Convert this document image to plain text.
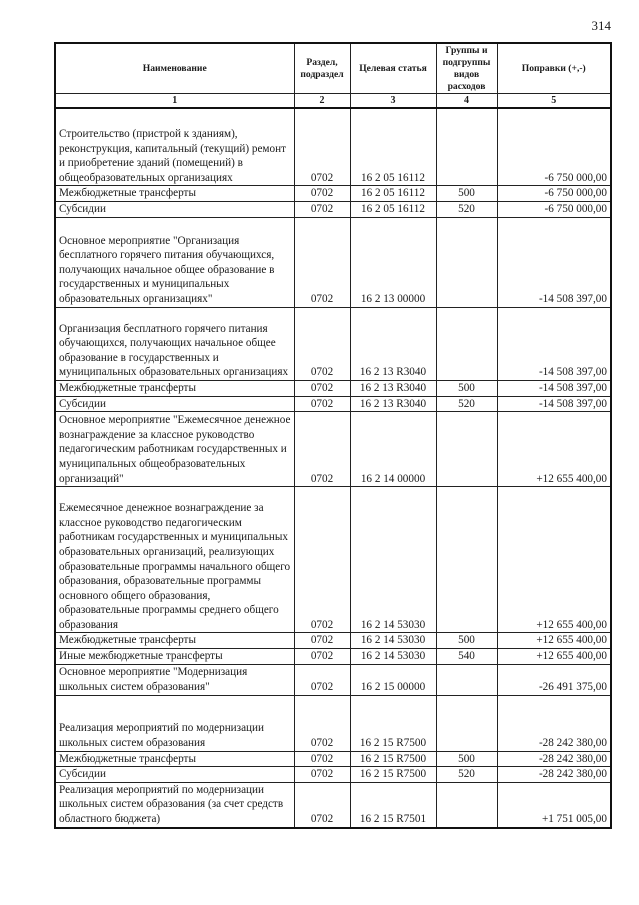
314
Наименование	Раздел, подраздел	Целевая статья	Группы и подгруппы видов расходов	Поправки (+,-)
1	2	3	4	5
Строительство (пристрой к зданиям), реконструкция, капитальный (текущий) ремонт и приобретение зданий (помещений) в общеобразовательных организациях	0702	16 2 05 16112		-6 750 000,00
Межбюджетные трансферты	0702	16 2 05 16112	500	-6 750 000,00
Субсидии	0702	16 2 05 16112	520	-6 750 000,00
Основное мероприятие "Организация бесплатного горячего питания обучающихся, получающих начальное общее образование в государственных и муниципальных образовательных организациях"	0702	16 2 13 00000		-14 508 397,00
Организация бесплатного горячего питания обучающихся, получающих начальное общее образование в государственных и муниципальных образовательных организациях	0702	16 2 13 R3040		-14 508 397,00
Межбюджетные трансферты	0702	16 2 13 R3040	500	-14 508 397,00
Субсидии	0702	16 2 13 R3040	520	-14 508 397,00
Основное мероприятие "Ежемесячное денежное вознаграждение за классное руководство педагогическим работникам государственных и муниципальных общеобразовательных организаций"	0702	16 2 14 00000		+12 655 400,00
Ежемесячное денежное вознаграждение за классное руководство педагогическим работникам государственных и муниципальных образовательных организаций, реализующих образовательные программы начального общего образования, образовательные программы основного общего образования, образовательные программы среднего общего образования	0702	16 2 14 53030		+12 655 400,00
Межбюджетные трансферты	0702	16 2 14 53030	500	+12 655 400,00
Иные межбюджетные трансферты	0702	16 2 14 53030	540	+12 655 400,00
Основное мероприятие "Модернизация школьных систем образования"	0702	16 2 15 00000		-26 491 375,00
Реализация мероприятий по модернизации школьных систем образования	0702	16 2 15 R7500		-28 242 380,00
Межбюджетные трансферты	0702	16 2 15 R7500	500	-28 242 380,00
Субсидии	0702	16 2 15 R7500	520	-28 242 380,00
Реализация мероприятий по модернизации школьных систем образования (за счет средств областного бюджета)	0702	16 2 15 R7501		+1 751 005,00
